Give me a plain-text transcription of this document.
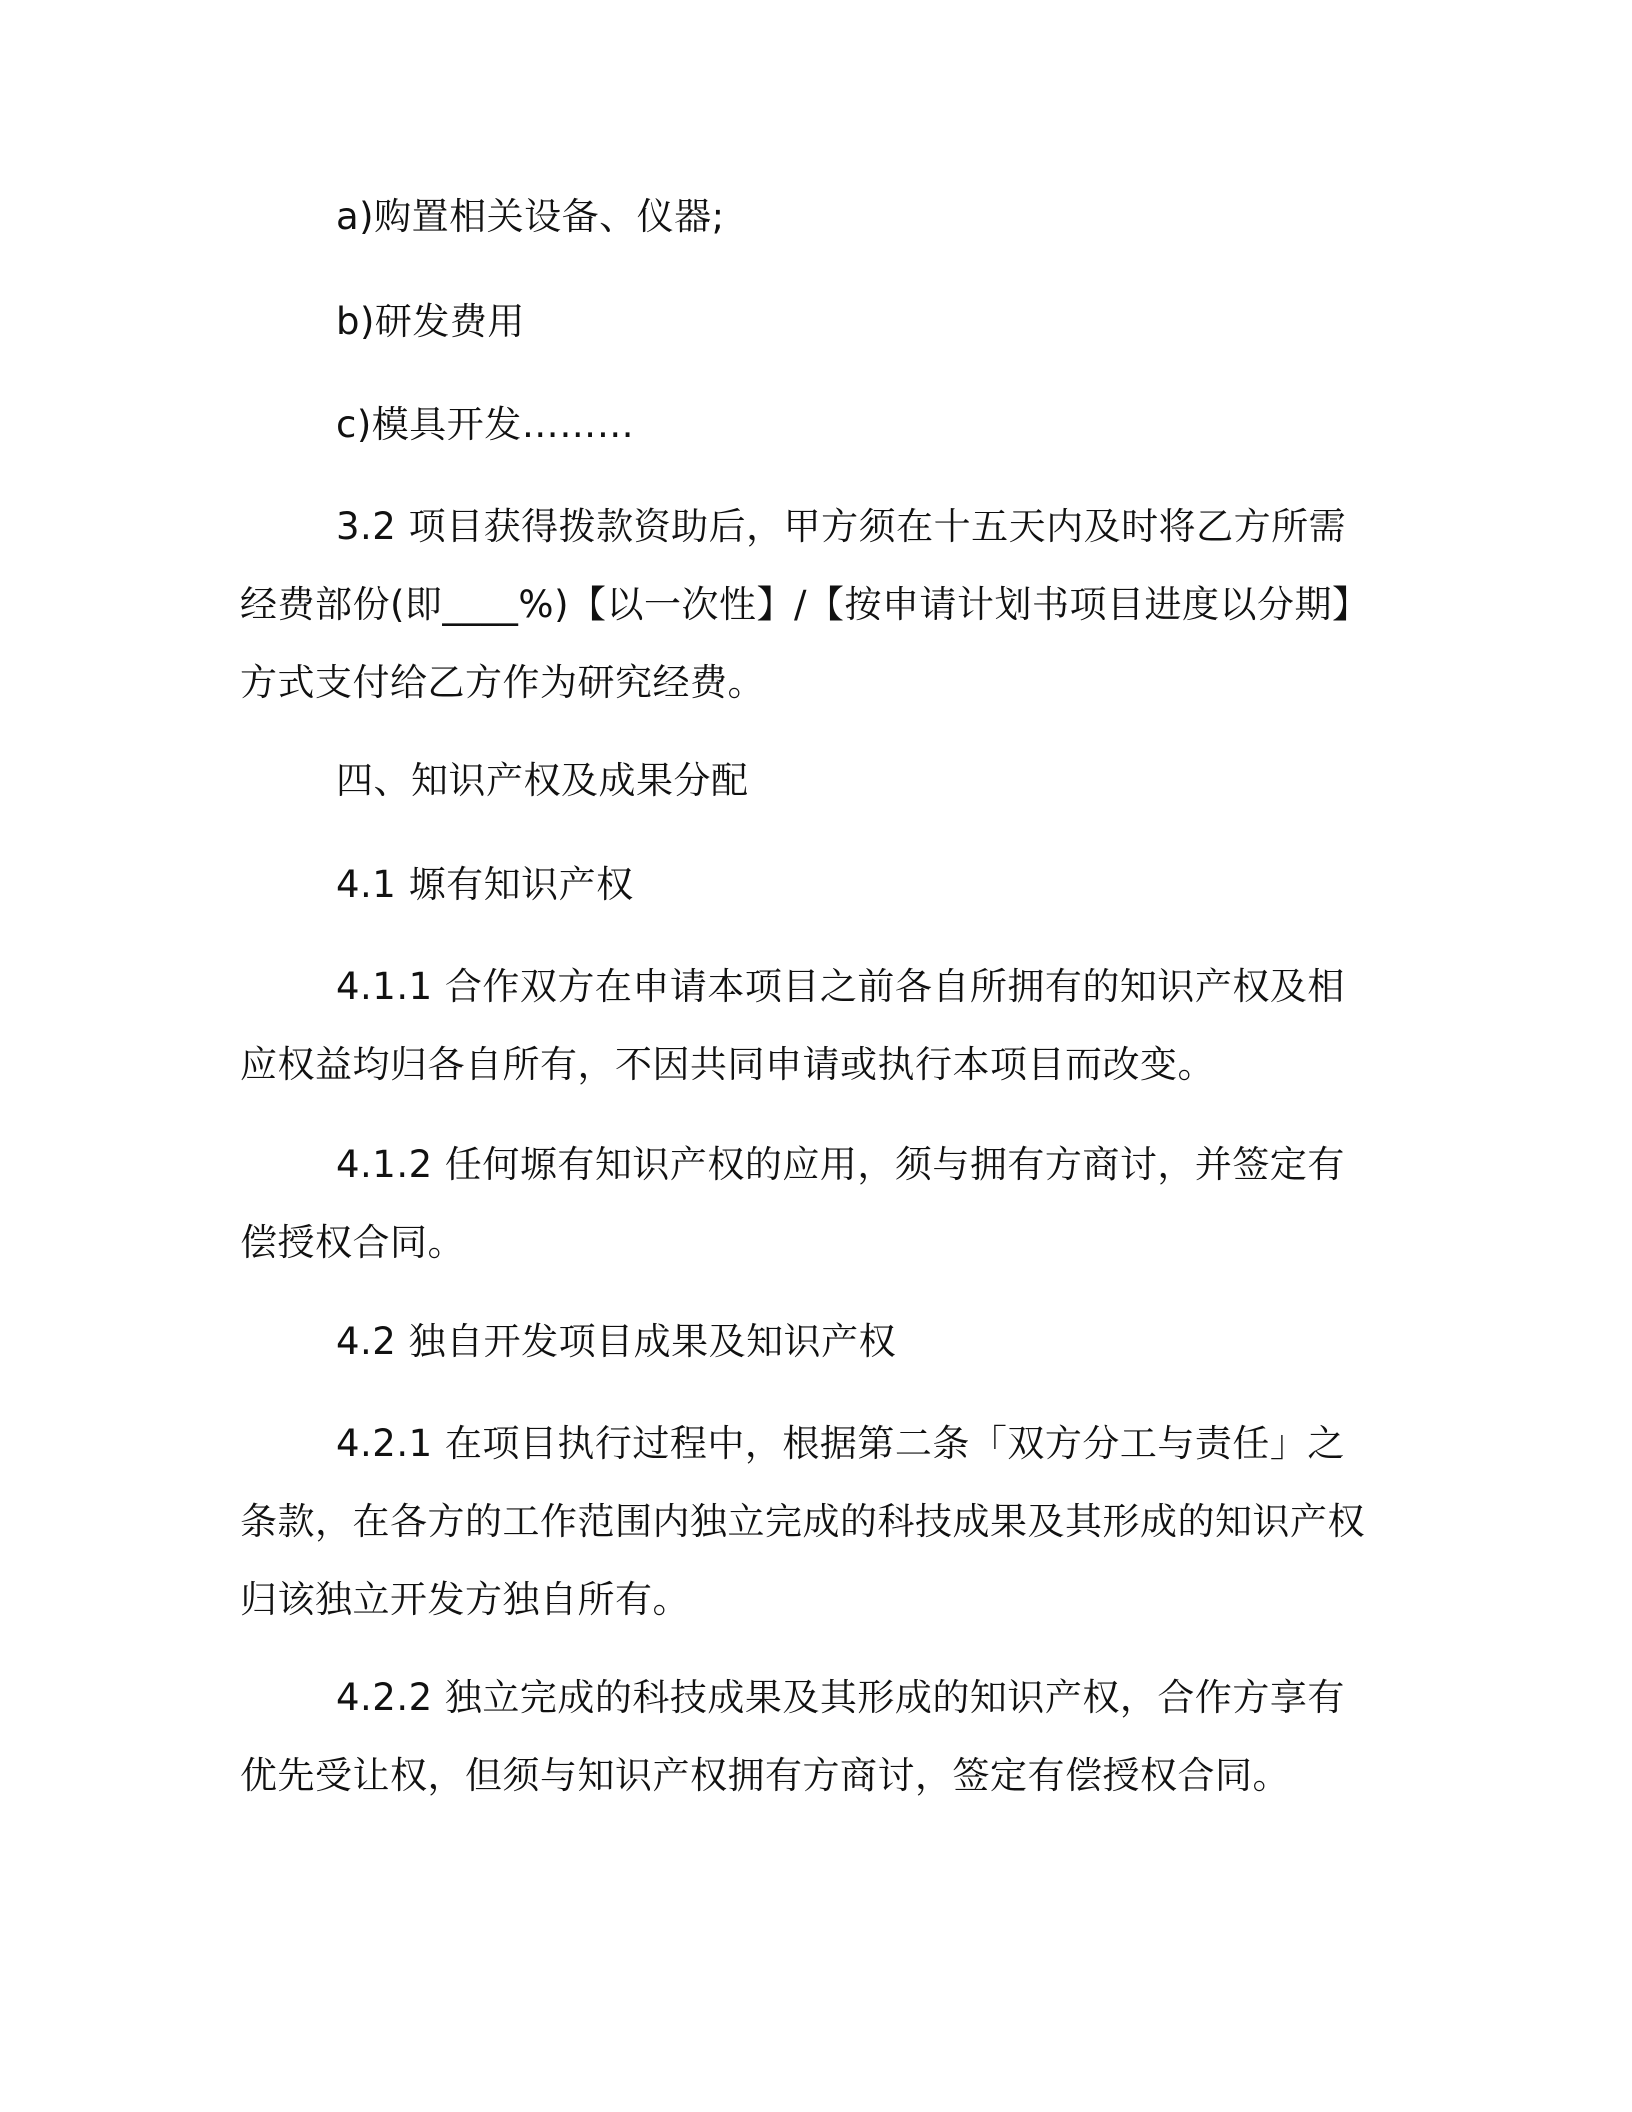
a)购置相关设备、仪器;

b)研发费用

c)模具开发………

3.2 项目获得拨款资助后，甲方须在十五天内及时将乙方所需经费部份(即____%)【以一次性】/【按申请计划书项目进度以分期】方式支付给乙方作为研究经费。

四、知识产权及成果分配

4.1 塬有知识产权

4.1.1 合作双方在申请本项目之前各自所拥有的知识产权及相应权益均归各自所有，不因共同申请或执行本项目而改变。

4.1.2 任何塬有知识产权的应用，须与拥有方商讨，并签定有偿授权合同。

4.2 独自开发项目成果及知识产权

4.2.1 在项目执行过程中，根据第二条「双方分工与责任」之条款，在各方的工作范围内独立完成的科技成果及其形成的知识产权归该独立开发方独自所有。

4.2.2 独立完成的科技成果及其形成的知识产权，合作方享有优先受让权，但须与知识产权拥有方商讨，签定有偿授权合同。
